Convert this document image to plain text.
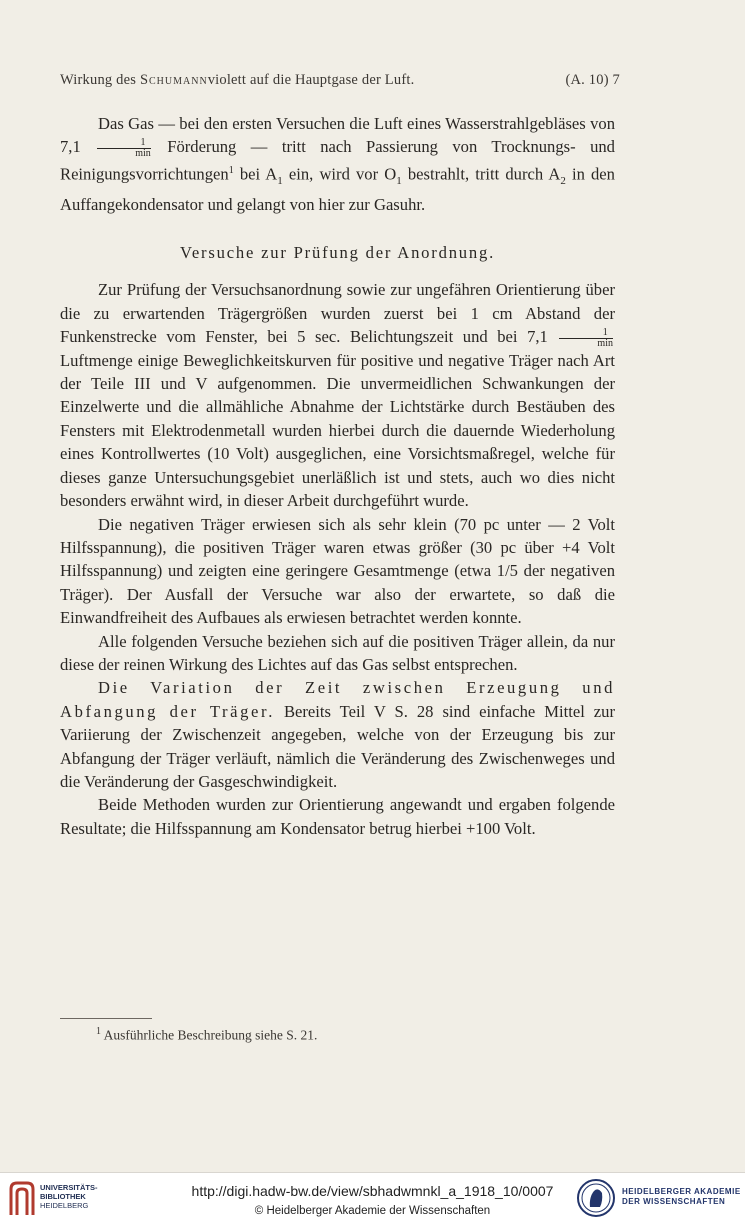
Wirkung des Schumannviolett auf die Hauptgase der Luft.	(A. 10) 7

Das Gas — bei den ersten Versuchen die Luft eines Wasserstrahlgebläses von $7,1 \frac{1}{\min}$ Förderung — tritt nach Passierung von Trocknungs- und Reinigungsvorrichtungen$^1$ bei $A_1$ ein, wird vor $O_1$ bestrahlt, tritt durch $A_2$ in den Auffangekondensator und gelangt von hier zur Gasuhr.

Versuche zur Prüfung der Anordnung.

Zur Prüfung der Versuchsanordnung sowie zur ungefähren Orientierung über die zu erwartenden Trägergrößen wurden zuerst bei 1 cm Abstand der Funkenstrecke vom Fenster, bei 5 sec. Belichtungszeit und bei $7,1 \frac{1}{\min}$
Luftmenge einige Beweglichkeitskurven für positive und negative Träger nach Art der Teile III und V aufgenommen. Die unvermeidlichen Schwankungen der Einzelwerte und die allmähliche Abnahme der Lichtstärke durch Bestäuben des Fensters mit Elektrodenmetall wurden hierbei durch die dauernde Wiederholung eines Kontrollwertes (10 Volt) ausgeglichen, eine Vorsichtsmaßregel, welche für dieses ganze Untersuchungsgebiet unerläßlich ist und stets, auch wo dies nicht besonders erwähnt wird, in dieser Arbeit durchgeführt wurde.

Die negativen Träger erwiesen sich als sehr klein (70 pc unter — 2 Volt Hilfsspannung), die positiven Träger waren etwas größer (30 pc über +4 Volt Hilfsspannung) und zeigten eine geringere Gesamtmenge (etwa 1/5 der negativen Träger). Der Ausfall der Versuche war also der erwartete, so daß die Einwandfreiheit des Aufbaues als erwiesen betrachtet werden konnte.

Alle folgenden Versuche beziehen sich auf die positiven Träger allein, da nur diese der reinen Wirkung des Lichtes auf das Gas selbst entsprechen.

Die Variation der Zeit zwischen Erzeugung und Abfangung der Träger. Bereits Teil V S. 28 sind einfache Mittel zur Variierung der Zwischenzeit angegeben, welche von der Erzeugung bis zur Abfangung der Träger verläuft, nämlich die Veränderung des Zwischenweges und die Veränderung der Gasgeschwindigkeit.

Beide Methoden wurden zur Orientierung angewandt und ergaben folgende Resultate; die Hilfsspannung am Kondensator betrug hierbei +100 Volt.

$^1$ Ausführliche Beschreibung siehe S. 21.
UNIVERSITÄTS-
BIBLIOTHEK
HEIDELBERG
http://digi.hadw-bw.de/view/sbhadwmnkl_a_1918_10/0007
© Heidelberger Akademie der Wissenschaften
HEIDELBERGER AKADEMIE
DER WISSENSCHAFTEN
